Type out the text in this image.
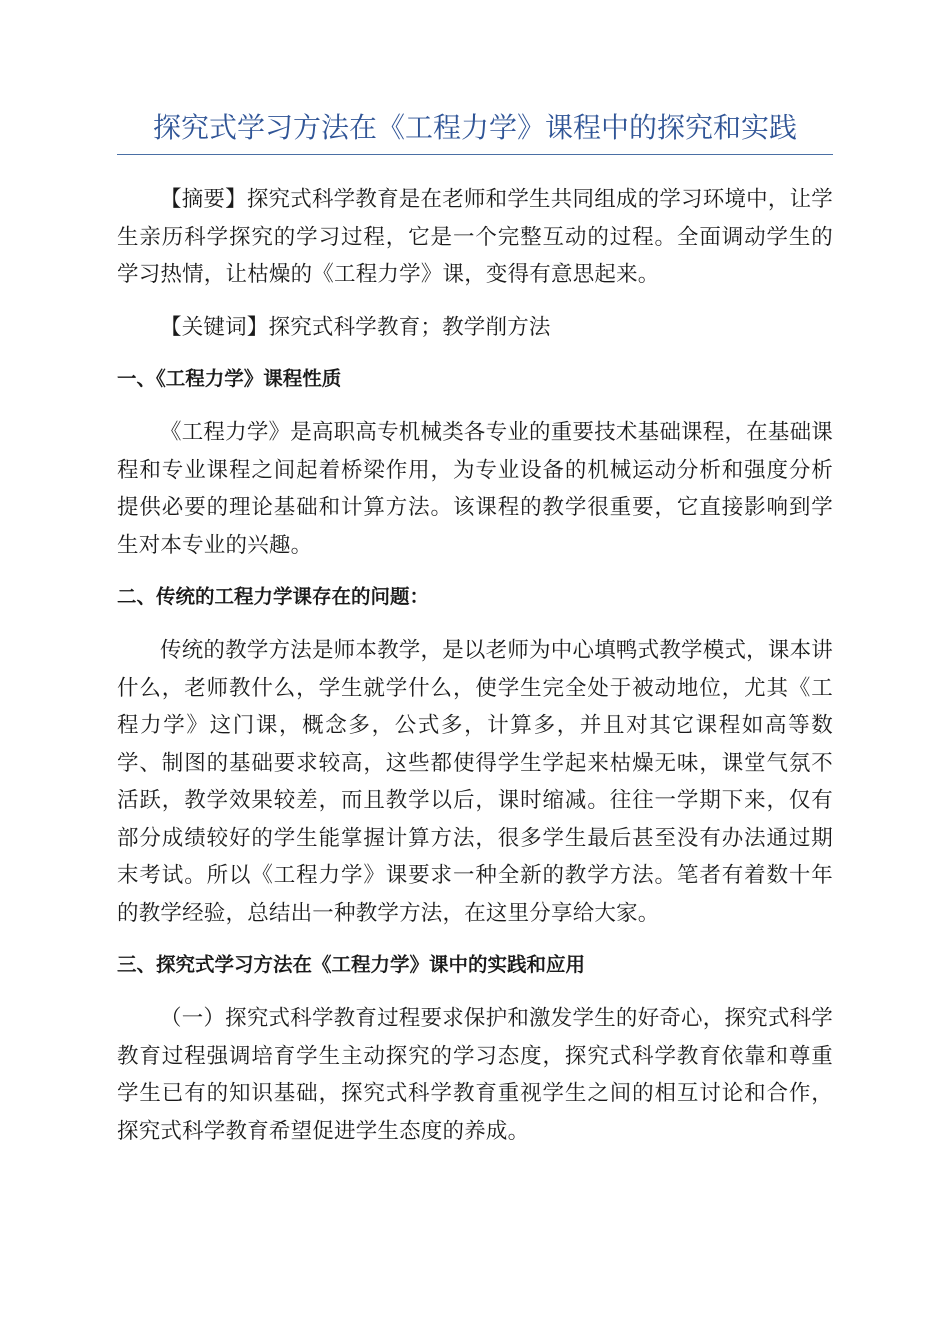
探究式学习方法在《工程力学》课程中的探究和实践

【摘要】探究式科学教育是在老师和学生共同组成的学习环境中，让学生亲历科学探究的学习过程，它是一个完整互动的过程。全面调动学生的学习热情，让枯燥的《工程力学》课，变得有意思起来。

【关键词】探究式科学教育；教学削方法

一、《工程力学》课程性质

《工程力学》是高职高专机械类各专业的重要技术基础课程，在基础课程和专业课程之间起着桥梁作用，为专业设备的机械运动分析和强度分析提供必要的理论基础和计算方法。该课程的教学很重要，它直接影响到学生对本专业的兴趣。

二、传统的工程力学课存在的问题：

传统的教学方法是师本教学，是以老师为中心填鸭式教学模式，课本讲什么，老师教什么，学生就学什么，使学生完全处于被动地位，尤其《工程力学》这门课，概念多，公式多，计算多，并且对其它课程如高等数学、制图的基础要求较高，这些都使得学生学起来枯燥无味，课堂气氛不活跃，教学效果较差，而且教学以后，课时缩减。往往一学期下来，仅有部分成绩较好的学生能掌握计算方法，很多学生最后甚至没有办法通过期末考试。所以《工程力学》课要求一种全新的教学方法。笔者有着数十年的教学经验，总结出一种教学方法，在这里分享给大家。

三、探究式学习方法在《工程力学》课中的实践和应用

（一）探究式科学教育过程要求保护和激发学生的好奇心，探究式科学教育过程强调培育学生主动探究的学习态度，探究式科学教育依靠和尊重学生已有的知识基础，探究式科学教育重视学生之间的相互讨论和合作，探究式科学教育希望促进学生态度的养成。
